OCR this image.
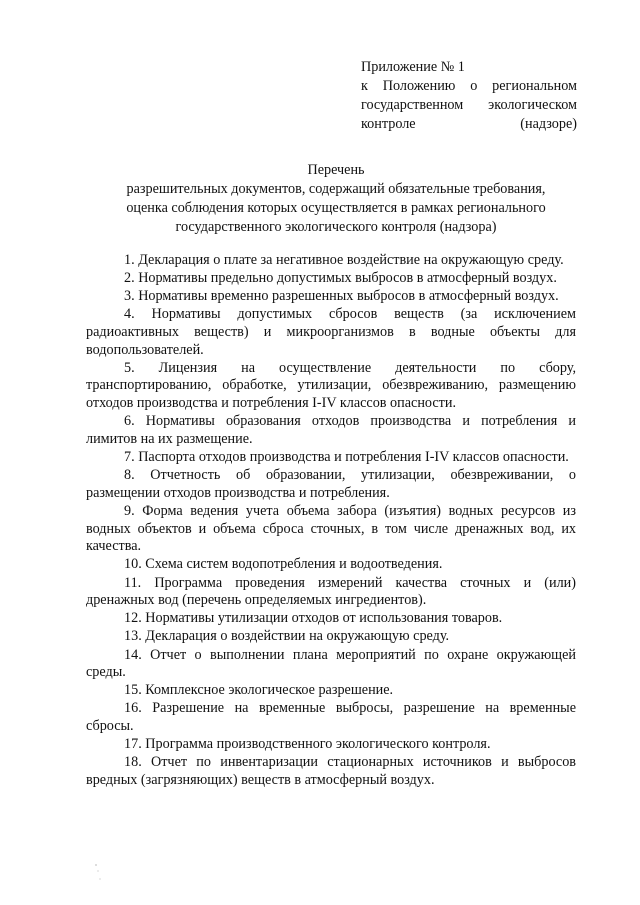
Приложение № 1
к Положению о региональном
государственном экологическом
контроле (надзоре)
Перечень
разрешительных документов, содержащий обязательные требования,
оценка соблюдения которых осуществляется в рамках регионального
государственного экологического контроля (надзора)

1. Декларация о плате за негативное воздействие на окружающую среду.

2. Нормативы предельно допустимых выбросов в атмосферный воздух.

3. Нормативы временно разрешенных выбросов в атмосферный воздух.

4. Нормативы допустимых сбросов веществ (за исключением радиоактивных веществ) и микроорганизмов в водные объекты для водопользователей.

5. Лицензия на осуществление деятельности по сбору, транспортированию, обработке, утилизации, обезвреживанию, размещению отходов производства и потребления I-IV классов опасности.

6. Нормативы образования отходов производства и потребления и лимитов на их размещение.

7. Паспорта отходов производства и потребления I-IV классов опасности.

8. Отчетность об образовании, утилизации, обезвреживании, о размещении отходов производства и потребления.

9. Форма ведения учета объема забора (изъятия) водных ресурсов из водных объектов и объема сброса сточных, в том числе дренажных вод, их качества.

10. Схема систем водопотребления и водоотведения.

11. Программа проведения измерений качества сточных и (или) дренажных вод (перечень определяемых ингредиентов).

12. Нормативы утилизации отходов от использования товаров.

13. Декларация о воздействии на окружающую среду.

14. Отчет о выполнении плана мероприятий по охране окружающей среды.

15. Комплексное экологическое разрешение.

16. Разрешение на временные выбросы, разрешение на временные сбросы.

17. Программа производственного экологического контроля.

18. Отчет по инвентаризации стационарных источников и выбросов вредных (загрязняющих) веществ в атмосферный воздух.
